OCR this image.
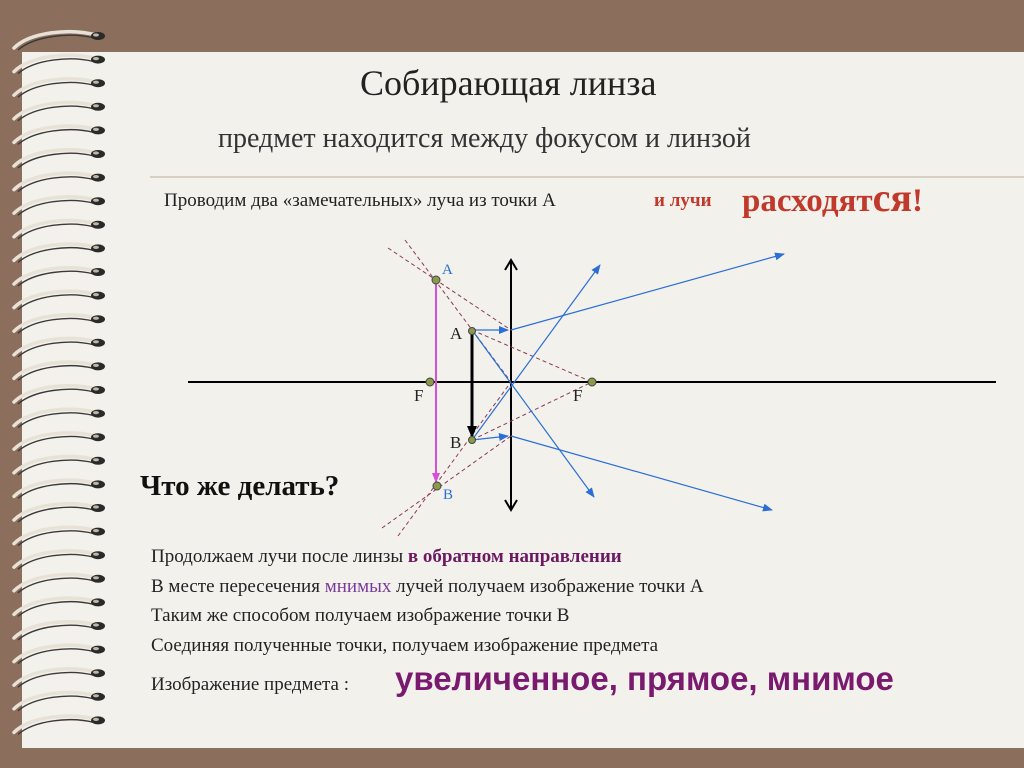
Собирающая линза
предмет находится между фокусом и линзой
Проводим два «замечательных» луча из точки А	и лучи расходятся!
A
A
F	F
B
B
Что же делать?
Продолжаем лучи после линзы в обратном направлении
В месте пересечения мнимых лучей получаем изображение точки А
Таким же способом получаем изображение точки В
Соединяя полученные точки, получаем изображение предмета
Изображение предмета : увеличенное, прямое, мнимое
